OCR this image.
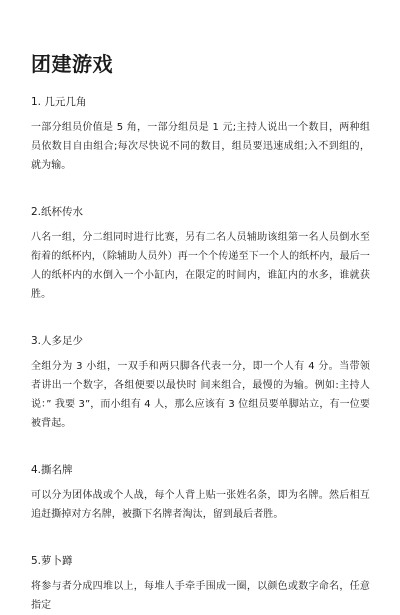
团建游戏
1. 几元几角

一部分组员价值是 5 角，一部分组员是 1 元;主持人说出一个数目，两种组员依数目自由组合;每次尽快说不同的数目，组员要迅速成组;入不到组的，就为输。

2.纸杯传水

八名一组，分二组同时进行比赛，另有二名人员辅助该组第一名人员倒水至衔着的纸杯内，（除辅助人员外）再一个个传递至下一个人的纸杯内，最后一人的纸杯内的水倒入一个小缸内，在限定的时间内，谁缸内的水多，谁就获胜。

3.人多足少

全组分为 3 小组，一双手和两只脚各代表一分，即一个人有 4 分。当带领者讲出一个数字，各组便要以最快时 间来组合，最慢的为输。例如:主持人说：” 我要 3”，而小组有 4 人，那么应该有 3 位组员要单脚站立，有一位要被背起。

4.撕名牌

可以分为团体战或个人战，每个人背上贴一张姓名条，即为名牌。然后相互追赶撕掉对方名牌，被撕下名牌者淘汰，留到最后者胜。

5.萝卜蹲

将参与者分成四堆以上，每堆人手牵手围成一圈，以颜色或数字命名，任意指定
